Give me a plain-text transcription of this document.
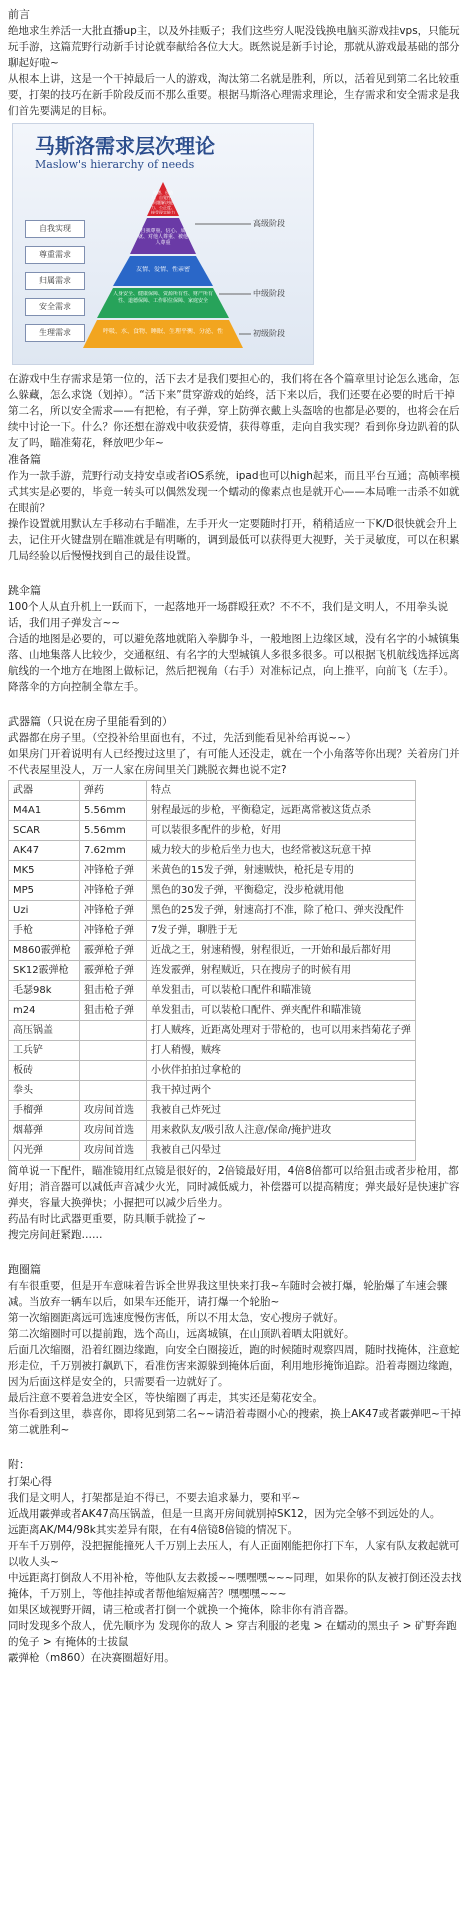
前言
绝地求生养活一大批直播up主，以及外挂贩子；我们这些穷人呢没钱换电脑买游戏挂vps，只能玩玩手游，这篇荒野行动新手讨论就奉献给各位大大。既然说是新手讨论，那就从游戏最基础的部分聊起好啦~
从根本上讲，这是一个干掉最后一人的游戏，淘汰第二名就是胜利，所以，活着见到第二名比较重要，打架的技巧在新手阶段反而不那么重要。根据马斯洛心理需求理论，生存需求和安全需求是我们首先要满足的目标。
马斯洛需求层次理论
Maslow's hierarchy of needs
自我实现
尊重需求
归属需求
安全需求
生理需求
高级阶段
中级阶段
初级阶段
道德、创造力、自觉性、问题解决能力、公正度、接受现实能力
自我尊重、信心、成就、对他人尊重、被他人尊重
友情、爱情、性亲密
人身安全、健康保障、资源所有性、财产所有性、道德保障、工作职位保障、家庭安全
呼吸、水、食物、睡眠、生理平衡、分泌、性
在游戏中生存需求是第一位的，活下去才是我们要担心的，我们将在各个篇章里讨论怎么逃命，怎么躲藏，怎么求饶（划掉）。“活下来”贯穿游戏的始终，活下来以后，我们还要在必要的时后干掉第二名，所以安全需求——有把枪，有子弹，穿上防弹衣戴上头盔啥的也都是必要的，也将会在后续中讨论一下。什么？你还想在游戏中收获爱情，获得尊重，走向自我实现？看到你身边趴着的队友了吗，瞄准菊花，释放吧少年~
准备篇
作为一款手游，荒野行动支持安卓或者iOS系统，ipad也可以high起来，而且平台互通；高帧率模式其实是必要的，毕竟一转头可以偶然发现一个蠕动的像素点也是就开心——本局唯一击杀不如就在眼前？
操作设置就用默认左手移动右手瞄准，左手开火一定要随时打开，稍稍适应一下K/D很快就会升上去，记住开火键盘别在瞄准就是有明晰的，调到最低可以获得更大视野，关于灵敏度，可以在积累几局经验以后慢慢找到自己的最佳设置。
跳伞篇
100个人从直升机上一跃而下，一起落地开一场群殴狂欢？不不不，我们是文明人，不用拳头说话，我们用子弹发言~~
合适的地图是必要的，可以避免落地就陷入拳脚争斗，一般地图上边缘区域，没有名字的小城镇集落、山地集落人比较少，交通枢纽、有名字的大型城镇人多很多很多。可以根据飞机航线选择远离航线的一个地方在地图上做标记，然后把视角（右手）对准标记点，向上推平，向前飞（左手）。降落伞的方向控制全靠左手。
武器篇（只说在房子里能看到的）
武器都在房子里。（空投补给里面也有，不过，先活到能看见补给再说~~）
如果房门开着说明有人已经搜过这里了，有可能人还没走，就在一个小角落等你出现？关着房门并不代表屋里没人，万一人家在房间里关门跳脱衣舞也说不定?
武器	弹药	特点
M4A1	5.56mm	射程最远的步枪，平衡稳定，远距离常被这货点杀
SCAR	5.56mm	可以装很多配件的步枪，好用
AK47	7.62mm	威力较大的步枪后坐力也大，也经常被这玩意干掉
MK5	冲锋枪子弹	米黄色的15发子弹，射速贼快，枪托是专用的
MP5	冲锋枪子弹	黑色的30发子弹，平衡稳定，没步枪就用他
Uzi	冲锋枪子弹	黑色的25发子弹，射速高打不准，除了枪口、弹夹没配件
手枪	冲锋枪子弹	7发子弹，聊胜于无
M860霰弹枪	霰弹枪子弹	近战之王，射速稍慢，射程很近，一开始和最后都好用
SK12霰弹枪	霰弹枪子弹	连发霰弹，射程贼近，只在搜房子的时候有用
毛瑟98k	狙击枪子弹	单发狙击，可以装枪口配件和瞄准镜
m24	狙击枪子弹	单发狙击，可以装枪口配件、弹夹配件和瞄准镜
高压锅盖		打人贼疼，近距离处理对于带枪的，也可以用来挡菊花子弹
工兵铲		打人稍慢，贼疼
板砖		小伙伴拍拍过拿枪的
拳头		我干掉过两个
手榴弹	攻房间首选	我被自己炸死过
烟幕弹	攻房间首选	用来救队友/吸引敌人注意/保命/掩护进攻
闪光弹	攻房间首选	我被自己闪晕过
简单说一下配件，瞄准镜用红点镜是很好的，2倍镜最好用，4倍8倍都可以给狙击或者步枪用，都好用；消音器可以减低声音减少火光，同时减低威力，补偿器可以提高精度；弹夹最好是快速扩容弹夹，容量大换弹快；小握把可以减少后坐力。
药品有时比武器更重要，防具顺手就捡了~
搜完房间赶紧跑……
跑圈篇
有车很重要，但是开车意味着告诉全世界我这里快来打我~车随时会被打爆，轮胎爆了车速会骤减。当放弃一辆车以后，如果车还能开，请打爆一个轮胎~
第一次缩圈距离远可选速度慢伤害低，所以不用太急，安心搜房子就好。
第二次缩圈时可以提前跑，选个高山，远离城镇，在山顶趴着晒太阳就好。
后面几次缩圈，沿着红圈边缘跑，向安全白圈接近，跑的时候随时观察四周，随时找掩体，注意蛇形走位，千万别被打飙趴下，看准伤害来源躲到掩体后面，利用地形掩饰追踪。沿着毒圈边缘跑，因为后面这样是安全的，只需要看一边就好了。
最后注意不要着急进安全区，等快缩圈了再走，其实还是菊花安全。
当你看到这里，恭喜你，即将见到第二名~~请沿着毒圈小心的搜索，换上AK47或者霰弹吧~干掉第二就胜利~
附：
打架心得
我们是文明人，打架都是迫不得已，不要去追求暴力，要和平~
近战用霰弹或者AK47高压锅盖，但是一旦离开房间就别掉SK12，因为完全够不到远处的人。
远距离AK/M4/98k其实差异有限，在有4倍镜8倍镜的情况下。
开车千万别停，没把握能撞死人千万别上去压人，有人正面刚能把你打下车，人家有队友救起就可以收人头~
中远距离打倒敌人不用补枪，等他队友去救援~~嘿嘿嘿~~~同理，如果你的队友被打倒还没去找掩体，千万别上，等他挂掉或者帮他缩短痛苦？嘿嘿嘿~~~
如果区域视野开阔，请三枪或者打倒一个就换一个掩体，除非你有消音器。
同时发现多个敌人，优先顺序为 发现你的敌人 > 穿吉利服的老鬼 > 在蠕动的黑虫子 > 矿野奔跑的兔子 > 有掩体的士拔鼠
霰弹枪（m860）在决赛圈超好用。
